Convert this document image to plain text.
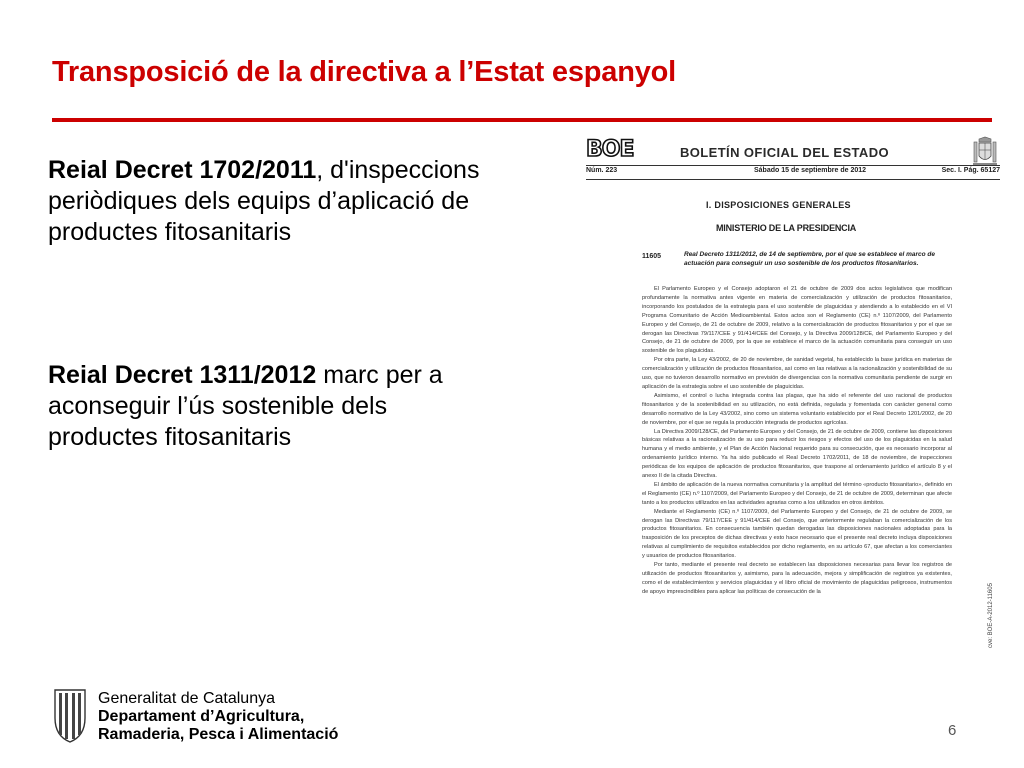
Transposició de la directiva a l’Estat espanyol
Reial Decret 1702/2011, d'inspeccions periòdiques dels equips d’aplicació de productes fitosanitaris
Reial Decret 1311/2012 marc per a aconseguir l’ús sostenible dels productes fitosanitaris
BOE	BOLETÍN OFICIAL DEL ESTADO
Núm. 223	Sábado 15 de septiembre de 2012	Sec. I. Pág. 65127
I. DISPOSICIONES GENERALES
MINISTERIO DE LA PRESIDENCIA
11605	Real Decreto 1311/2012, de 14 de septiembre, por el que se establece el marco de actuación para conseguir un uso sostenible de los productos fitosanitarios.

El Parlamento Europeo y el Consejo adoptaron el 21 de octubre de 2009 dos actos legislativos que modifican profundamente la normativa antes vigente en materia de comercialización y utilización de productos fitosanitarios, incorporando los postulados de la estrategia para el uso sostenible de plaguicidas y atendiendo a lo establecido en el VI Programa Comunitario de Acción Medioambiental. Estos actos son el Reglamento (CE) n.º 1107/2009, del Parlamento Europeo y del Consejo, de 21 de octubre de 2009, relativo a la comercialización de productos fitosanitarios y por el que se derogan las Directivas 79/117/CEE y 91/414/CEE del Consejo, y la Directiva 2009/128/CE, del Parlamento Europeo y del Consejo, de 21 de octubre de 2009, por la que se establece el marco de la actuación comunitaria para conseguir un uso sostenible de los plaguicidas.

Por otra parte, la Ley 43/2002, de 20 de noviembre, de sanidad vegetal, ha establecido la base jurídica en materias de comercialización y utilización de productos fitosanitarios, así como en las relativas a la racionalización y sostenibilidad de su uso, que no tuvieron desarrollo normativo en previsión de divergencias con la normativa comunitaria pendiente de surgir en aplicación de la estrategia sobre el uso sostenible de plaguicidas.

Asimismo, el control o lucha integrada contra las plagas, que ha sido el referente del uso racional de productos fitosanitarios y de la sostenibilidad en su utilización, no está definida, regulada y fomentada con carácter general como desarrollo normativo de la Ley 43/2002, sino como un sistema voluntario establecido por el Real Decreto 1201/2002, de 20 de noviembre, por el que se regula la producción integrada de productos agrícolas.

La Directiva 2009/128/CE, del Parlamento Europeo y del Consejo, de 21 de octubre de 2009, contiene las disposiciones básicas relativas a la racionalización de su uso para reducir los riesgos y efectos del uso de los plaguicidas en la salud humana y el medio ambiente, y el Plan de Acción Nacional requerido para su consecución, que es necesario incorporar al ordenamiento jurídico interno. Ya ha sido publicado el Real Decreto 1702/2011, de 18 de noviembre, de inspecciones periódicas de los equipos de aplicación de productos fitosanitarios, que traspone al ordenamiento jurídico el artículo 8 y el anexo II de la citada Directiva.

El ámbito de aplicación de la nueva normativa comunitaria y la amplitud del término «producto fitosanitario», definido en el Reglamento (CE) n.º 1107/2009, del Parlamento Europeo y del Consejo, de 21 de octubre de 2009, determinan que afecte tanto a los productos utilizados en las actividades agrarias como a los utilizados en otros ámbitos.

Mediante el Reglamento (CE) n.º 1107/2009, del Parlamento Europeo y del Consejo, de 21 de octubre de 2009, se derogan las Directivas 79/117/CEE y 91/414/CEE del Consejo, que anteriormente regulaban la comercialización de los productos fitosanitarios. En consecuencia también quedan derogadas las disposiciones nacionales adoptadas para la trasposición de los preceptos de dichas directivas y esto hace necesario que el presente real decreto incluya disposiciones relativas al cumplimiento de requisitos establecidos por dicho reglamento, en su artículo 67, que afectan a los comerciantes y usuarios de productos fitosanitarios.

Por tanto, mediante el presente real decreto se establecen las disposiciones necesarias para llevar los registros de utilización de productos fitosanitarios y, asimismo, para la adecuación, mejora y simplificación de registros ya existentes, como el de establecimientos y servicios plaguicidas y el libro oficial de movimiento de plaguicidas peligrosos, instrumentos de apoyo imprescindibles para aplicar las políticas de consecución de la	cve: BOE-A-2012-11605
Generalitat de Catalunya
Departament d’Agricultura,
Ramaderia, Pesca i Alimentació	6
